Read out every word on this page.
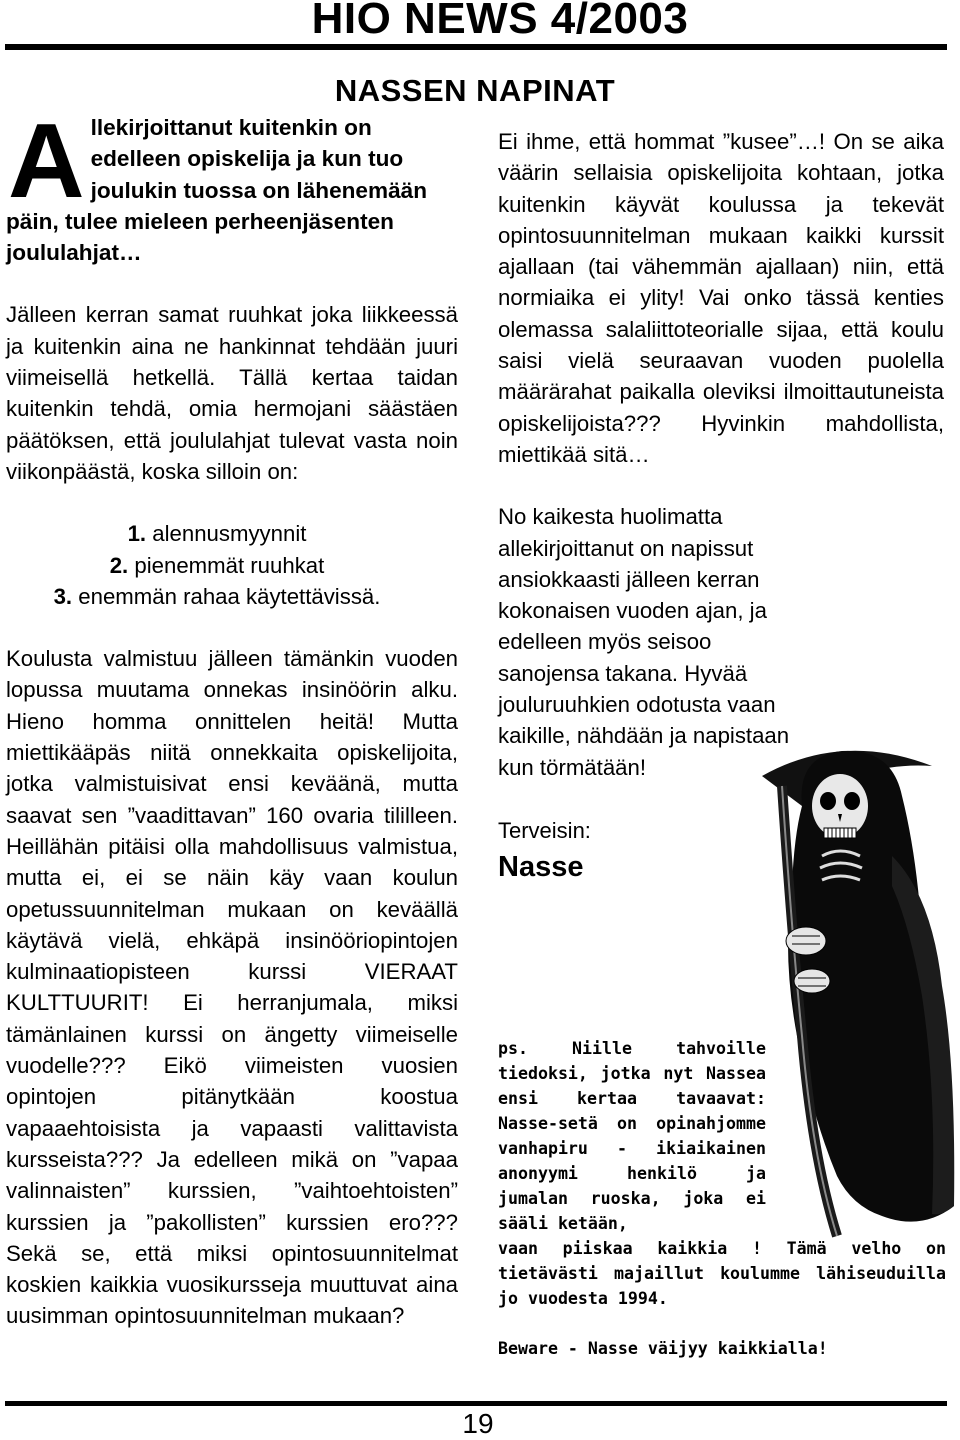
HIO NEWS 4/2003
NASSEN NAPINAT

Allekirjoittanut kuitenkin on edelleen opiskelija ja kun tuo joulukin tuossa on lähenemään päin, tulee mieleen perheenjäsenten joululahjat…

Jälleen kerran samat ruuhkat joka liikkeessä ja kuitenkin aina ne hankinnat tehdään juuri viimeisellä hetkellä. Tällä kertaa taidan kuitenkin tehdä, omia hermojani säästäen päätöksen, että joululahjat tulevat vasta noin viikonpäästä, koska silloin on:

1. alennusmyynnit
2. pienemmät ruuhkat
3. enemmän rahaa käytettävissä.

Koulusta valmistuu jälleen tämänkin vuoden lopussa muutama onnekas insinöörin alku. Hieno homma onnittelen heitä! Mutta miettikääpäs niitä onnekkaita opiskelijoita, jotka valmistuisivat ensi keväänä, mutta saavat sen ”vaadittavan” 160 ovaria tililleen. Heillähän pitäisi olla mahdollisuus valmistua, mutta ei, ei se näin käy vaan koulun opetussuunnitelman mukaan on keväällä käytävä vielä, ehkäpä insinööriopintojen kulminaatiopisteen kurssi VIERAAT KULTTUURIT! Ei herranjumala, miksi tämänlainen kurssi on ängetty viimeiselle vuodelle??? Eikö viimeisten vuosien opintojen pitänytkään koostua vapaaehtoisista ja vapaasti valittavista kursseista??? Ja edelleen mikä on ”vapaa valinnaisten” kurssien, ”vaihtoehtoisten” kurssien ja ”pakollisten” kurssien ero??? Sekä se, että miksi opintosuunnitelmat koskien kaikkia vuosikursseja muuttuvat aina uusimman opintosuunnitelman mukaan?

Ei ihme, että hommat ”kusee”…! On se aika väärin sellaisia opiskelijoita kohtaan, jotka kuitenkin käyvät koulussa ja tekevät opintosuunnitelman mukaan kaikki kurssit ajallaan (tai vähemmän ajallaan) niin, että normiaika ei ylity! Vai onko tässä kenties olemassa salaliittoteorialle sijaa, että koulu saisi vielä seuraavan vuoden puolella määrärahat paikalla oleviksi ilmoittautuneista opiskelijoista??? Hyvinkin mahdollista, miettikää sitä…

No kaikesta huolimatta allekirjoittanut on napissut ansiokkaasti jälleen kerran kokonaisen vuoden ajan, ja edelleen myös seisoo sanojensa takana. Hyvää jouluruuhkien odotusta vaan kaikille, nähdään ja napistaan kun törmätään!

Terveisin:
Nasse

ps. Niille tahvoille tiedoksi, jotka nyt Nassea ensi kertaa tavaavat: Nasse-setä on opinahjomme vanhapiru - ikiaikainen anonyymi henkilö ja jumalan ruoska, joka ei sääli ketään,

vaan piiskaa kaikkia ! Tämä velho on tietävästi majaillut koulumme lähiseuduilla jo vuodesta 1994.

Beware - Nasse väijyy kaikkialla!

19
